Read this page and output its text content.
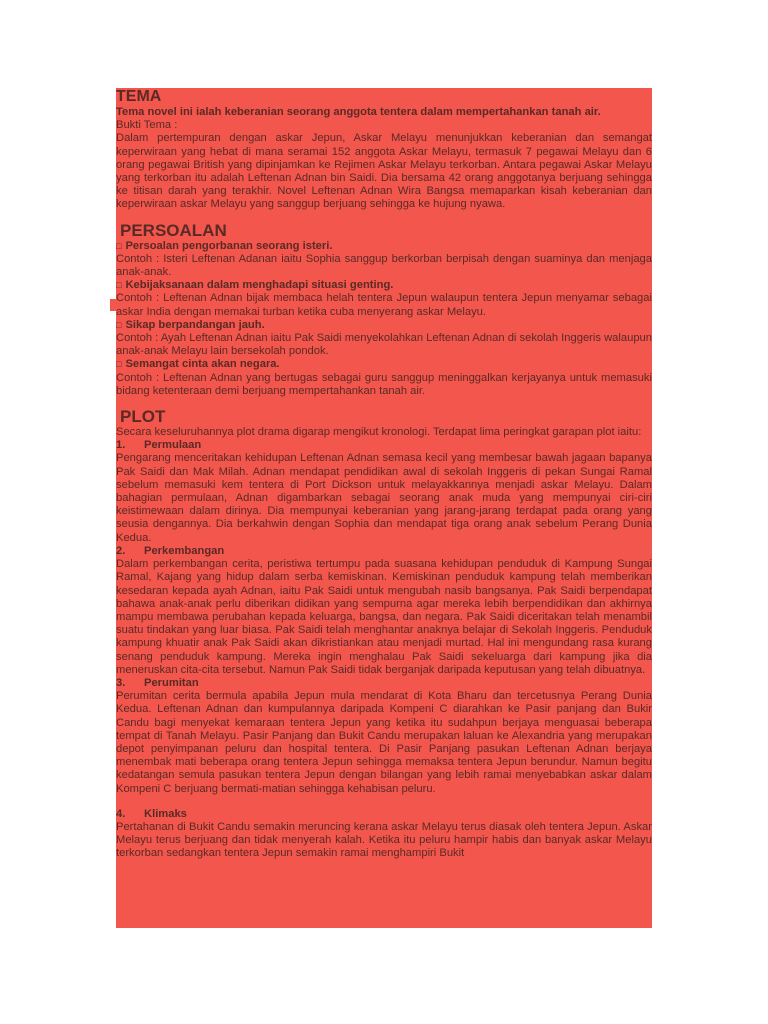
TEMA

Tema novel ini ialah keberanian seorang anggota tentera dalam mempertahankan tanah air.

Bukti Tema :

Dalam pertempuran dengan askar Jepun, Askar Melayu menunjukkan keberanian dan semangat keperwiraan yang hebat di mana seramai 152 anggota Askar Melayu, termasuk 7 pegawai Melayu dan 6 orang pegawai British yang dipinjamkan ke Rejimen Askar Melayu terkorban. Antara pegawai Askar Melayu yang terkorban itu adalah Leftenan Adnan bin Saidi. Dia bersama 42 orang anggotanya berjuang sehingga ke titisan darah yang terakhir. Novel Leftenan Adnan Wira Bangsa memaparkan kisah keberanian dan keperwiraan askar Melayu yang sanggup berjuang sehingga ke hujung nyawa.

PERSOALAN

□ Persoalan pengorbanan seorang isteri.

Contoh : Isteri Leftenan Adanan iaitu Sophia sanggup berkorban berpisah dengan suaminya dan menjaga anak-anak.

□ Kebijaksanaan dalam menghadapi situasi genting.

Contoh : Leftenan Adnan bijak membaca helah tentera Jepun walaupun tentera Jepun menyamar sebagai askar India dengan memakai turban ketika cuba menyerang askar Melayu.

□ Sikap berpandangan jauh.

Contoh : Ayah Leftenan Adnan iaitu Pak Saidi menyekolahkan Leftenan Adnan di sekolah Inggeris walaupun anak-anak Melayu lain bersekolah pondok.

□ Semangat cinta akan negara.

Contoh : Leftenan Adnan yang bertugas sebagai guru sanggup meninggalkan kerjayanya untuk memasuki bidang ketenteraan demi berjuang mempertahankan tanah air.

PLOT

Secara keseluruhannya plot drama digarap mengikut kronologi. Terdapat lima peringkat garapan plot iaitu:

1.	Permulaan

Pengarang menceritakan kehidupan Leftenan Adnan semasa kecil yang membesar bawah jagaan bapanya Pak Saidi dan Mak Milah. Adnan mendapat pendidikan awal di sekolah Inggeris di pekan Sungai Ramal sebelum memasuki kem tentera di Port Dickson untuk melayakkannya menjadi askar Melayu. Dalam bahagian permulaan, Adnan digambarkan sebagai seorang anak muda yang mempunyai ciri-ciri keistimewaan dalam dirinya. Dia mempunyai keberanian yang jarang-jarang terdapat pada orang yang seusia dengannya. Dia berkahwin dengan Sophia dan mendapat tiga orang anak sebelum Perang Dunia Kedua.

2.	Perkembangan

Dalam perkembangan cerita, peristiwa tertumpu pada suasana kehidupan penduduk di Kampung Sungai Ramal, Kajang yang hidup dalam serba kemiskinan. Kemiskinan penduduk kampung telah memberikan kesedaran kepada ayah Adnan, iaitu Pak Saidi untuk mengubah nasib bangsanya. Pak Saidi berpendapat bahawa anak-anak perlu diberikan didikan yang sempurna agar mereka lebih berpendidikan dan akhirnya mampu membawa perubahan kepada keluarga, bangsa, dan negara. Pak Saidi diceritakan telah menambil suatu tindakan yang luar biasa. Pak Saidi telah menghantar anaknya belajar di Sekolah Inggeris. Penduduk kampung khuatir anak Pak Saidi akan dikristiankan atau menjadi murtad. Hal ini mengundang rasa kurang senang penduduk kampung. Mereka ingin menghalau Pak Saidi sekeluarga dari kampung jika dia meneruskan cita-cita tersebut. Namun Pak Saidi tidak berganjak daripada keputusan yang telah dibuatnya.

3.	Perumitan

Perumitan cerita bermula apabila Jepun mula mendarat di Kota Bharu dan tercetusnya Perang Dunia Kedua. Leftenan Adnan dan kumpulannya daripada Kompeni C diarahkan ke Pasir panjang dan Bukir Candu bagi menyekat kemaraan tentera Jepun yang ketika itu sudahpun berjaya menguasai beberapa tempat di Tanah Melayu. Pasir Panjang dan Bukit Candu merupakan laluan ke Alexandria yang merupakan depot penyimpanan peluru dan hospital tentera. Di Pasir Panjang pasukan Leftenan Adnan berjaya menembak mati beberapa orang tentera Jepun sehingga memaksa tentera Jepun berundur. Namun begitu kedatangan semula pasukan tentera Jepun dengan bilangan yang lebih ramai menyebabkan askar dalam Kompeni C berjuang bermati-matian sehingga kehabisan peluru.

4.	Klimaks

Pertahanan di Bukit Candu semakin meruncing kerana askar Melayu terus diasak oleh tentera Jepun. Askar Melayu terus berjuang dan tidak menyerah kalah. Ketika itu peluru hampir habis dan banyak askar Melayu terkorban sedangkan tentera Jepun semakin ramai menghampiri Bukit
